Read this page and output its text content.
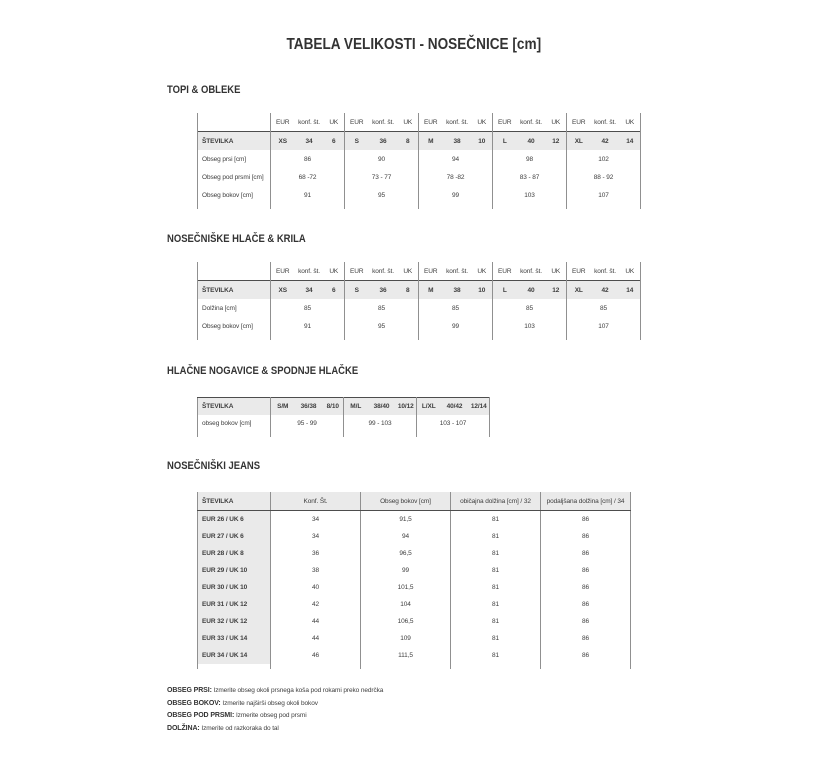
TABELA VELIKOSTI - NOSEČNICE [cm]
TOPI & OBLEKE
	EUR	konf. št.	UK	EUR	konf. št.	UK	EUR	konf. št.	UK	EUR	konf. št.	UK	EUR	konf. št.	UK
ŠTEVILKA	XS	34	6	S	36	8	M	38	10	L	40	12	XL	42	14
Obseg prsi [cm]	86			90			94			98			102		
Obseg pod prsmi [cm]	68 -72			73 - 77			78 -82			83 - 87			88 - 92		
Obseg bokov [cm]	91			95			99			103			107		

NOSEČNIŠKE HLAČE & KRILA
	EUR	konf. št.	UK	EUR	konf. št.	UK	EUR	konf. št.	UK	EUR	konf. št.	UK	EUR	konf. št.	UK
ŠTEVILKA	XS	34	6	S	36	8	M	38	10	L	40	12	XL	42	14
Dolžina [cm]	85			85			85			85			85		
Obseg bokov [cm]	91			95			99			103			107		

HLAČNE NOGAVICE & SPODNJE HLAČKE
ŠTEVILKA	S/M	36/38	8/10	M/L	38/40	10/12	L/XL	40/42	12/14
obseg bokov [cm]	95 - 99			99 - 103			103 - 107		

NOSEČNIŠKI JEANS
ŠTEVILKA	Konf. Št.	Obseg bokov [cm]	običajna dolžina [cm] / 32	podaljšana dolžina [cm] / 34
EUR 26 / UK 6	34	91,5	81	86
EUR 27 / UK 6	34	94	81	86
EUR 28 / UK 8	36	96,5	81	86
EUR 29 / UK 10	38	99	81	86
EUR 30 / UK 10	40	101,5	81	86
EUR 31 / UK 12	42	104	81	86
EUR 32 / UK 12	44	106,5	81	86
EUR 33 / UK 14	44	109	81	86
EUR 34 / UK 14	46	111,5	81	86

OBSEG PRSI: Izmerite obseg okoli prsnega koša pod rokami preko nedrčka
OBSEG BOKOV: Izmerite najširši obseg okoli bokov
OBSEG POD PRSMI: Izmerite obseg pod prsmi
DOLŽINA: Izmerite od razkoraka do tal
